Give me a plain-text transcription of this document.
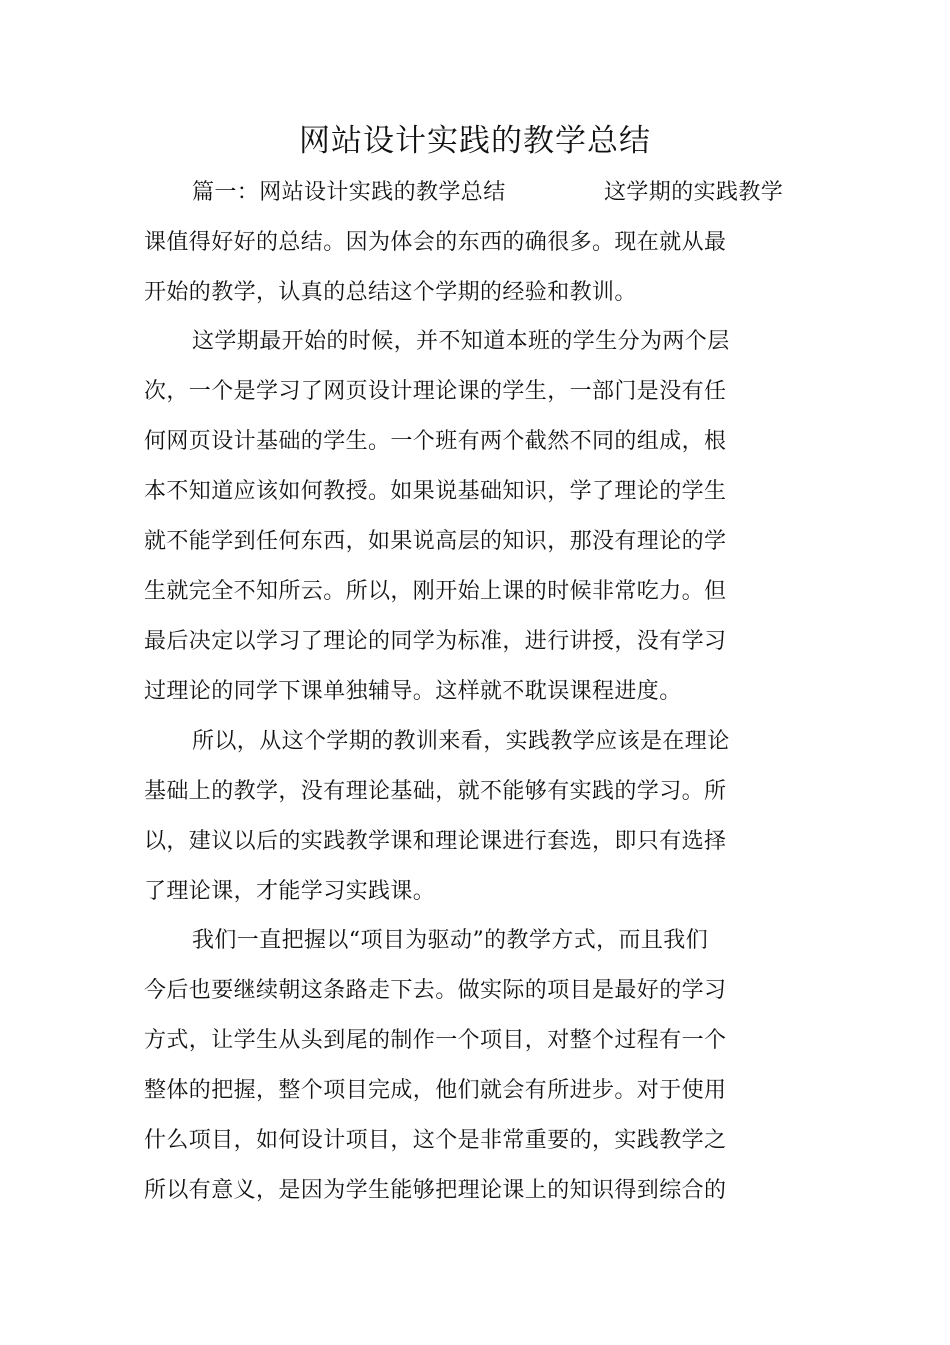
网站设计实践的教学总结
篇一：网站设计实践的教学总结	这学期的实践教学
课值得好好的总结。因为体会的东西的确很多。现在就从最
开始的教学，认真的总结这个学期的经验和教训。
这学期最开始的时候，并不知道本班的学生分为两个层
次，一个是学习了网页设计理论课的学生，一部门是没有任
何网页设计基础的学生。一个班有两个截然不同的组成，根
本不知道应该如何教授。如果说基础知识，学了理论的学生
就不能学到任何东西，如果说高层的知识，那没有理论的学
生就完全不知所云。所以，刚开始上课的时候非常吃力。但
最后决定以学习了理论的同学为标准，进行讲授，没有学习
过理论的同学下课单独辅导。这样就不耽误课程进度。
所以，从这个学期的教训来看，实践教学应该是在理论
基础上的教学，没有理论基础，就不能够有实践的学习。所
以，建议以后的实践教学课和理论课进行套选，即只有选择
了理论课，才能学习实践课。
我们一直把握以“项目为驱动”的教学方式，而且我们
今后也要继续朝这条路走下去。做实际的项目是最好的学习
方式，让学生从头到尾的制作一个项目，对整个过程有一个
整体的把握，整个项目完成，他们就会有所进步。对于使用
什么项目，如何设计项目，这个是非常重要的，实践教学之
所以有意义，是因为学生能够把理论课上的知识得到综合的
